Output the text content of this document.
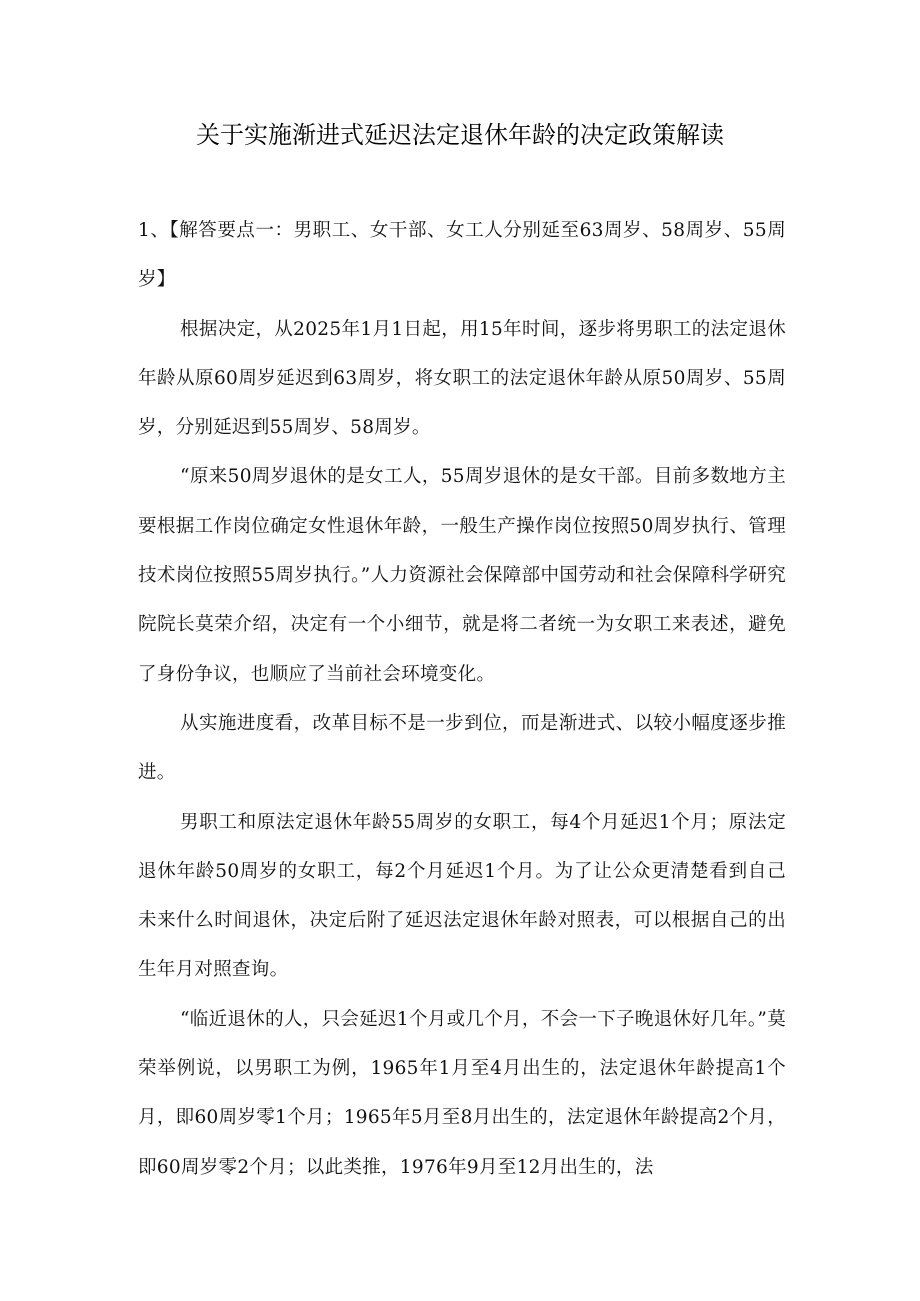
关于实施渐进式延迟法定退休年龄的决定政策解读

1、【解答要点一：男职工、女干部、女工人分别延至63周岁、58周岁、55周岁】

根据决定，从2025年1月1日起，用15年时间，逐步将男职工的法定退休年龄从原60周岁延迟到63周岁，将女职工的法定退休年龄从原50周岁、55周岁，分别延迟到55周岁、58周岁。

“原来50周岁退休的是女工人，55周岁退休的是女干部。目前多数地方主要根据工作岗位确定女性退休年龄，一般生产操作岗位按照50周岁执行、管理技术岗位按照55周岁执行。”人力资源社会保障部中国劳动和社会保障科学研究院院长莫荣介绍，决定有一个小细节，就是将二者统一为女职工来表述，避免了身份争议，也顺应了当前社会环境变化。

从实施进度看，改革目标不是一步到位，而是渐进式、以较小幅度逐步推进。

男职工和原法定退休年龄55周岁的女职工，每4个月延迟1个月；原法定退休年龄50周岁的女职工，每2个月延迟1个月。为了让公众更清楚看到自己未来什么时间退休，决定后附了延迟法定退休年龄对照表，可以根据自己的出生年月对照查询。

“临近退休的人，只会延迟1个月或几个月，不会一下子晚退休好几年。”莫荣举例说，以男职工为例，1965年1月至4月出生的，法定退休年龄提高1个月，即60周岁零1个月；1965年5月至8月出生的，法定退休年龄提高2个月，即60周岁零2个月；以此类推，1976年9月至12月出生的，法
